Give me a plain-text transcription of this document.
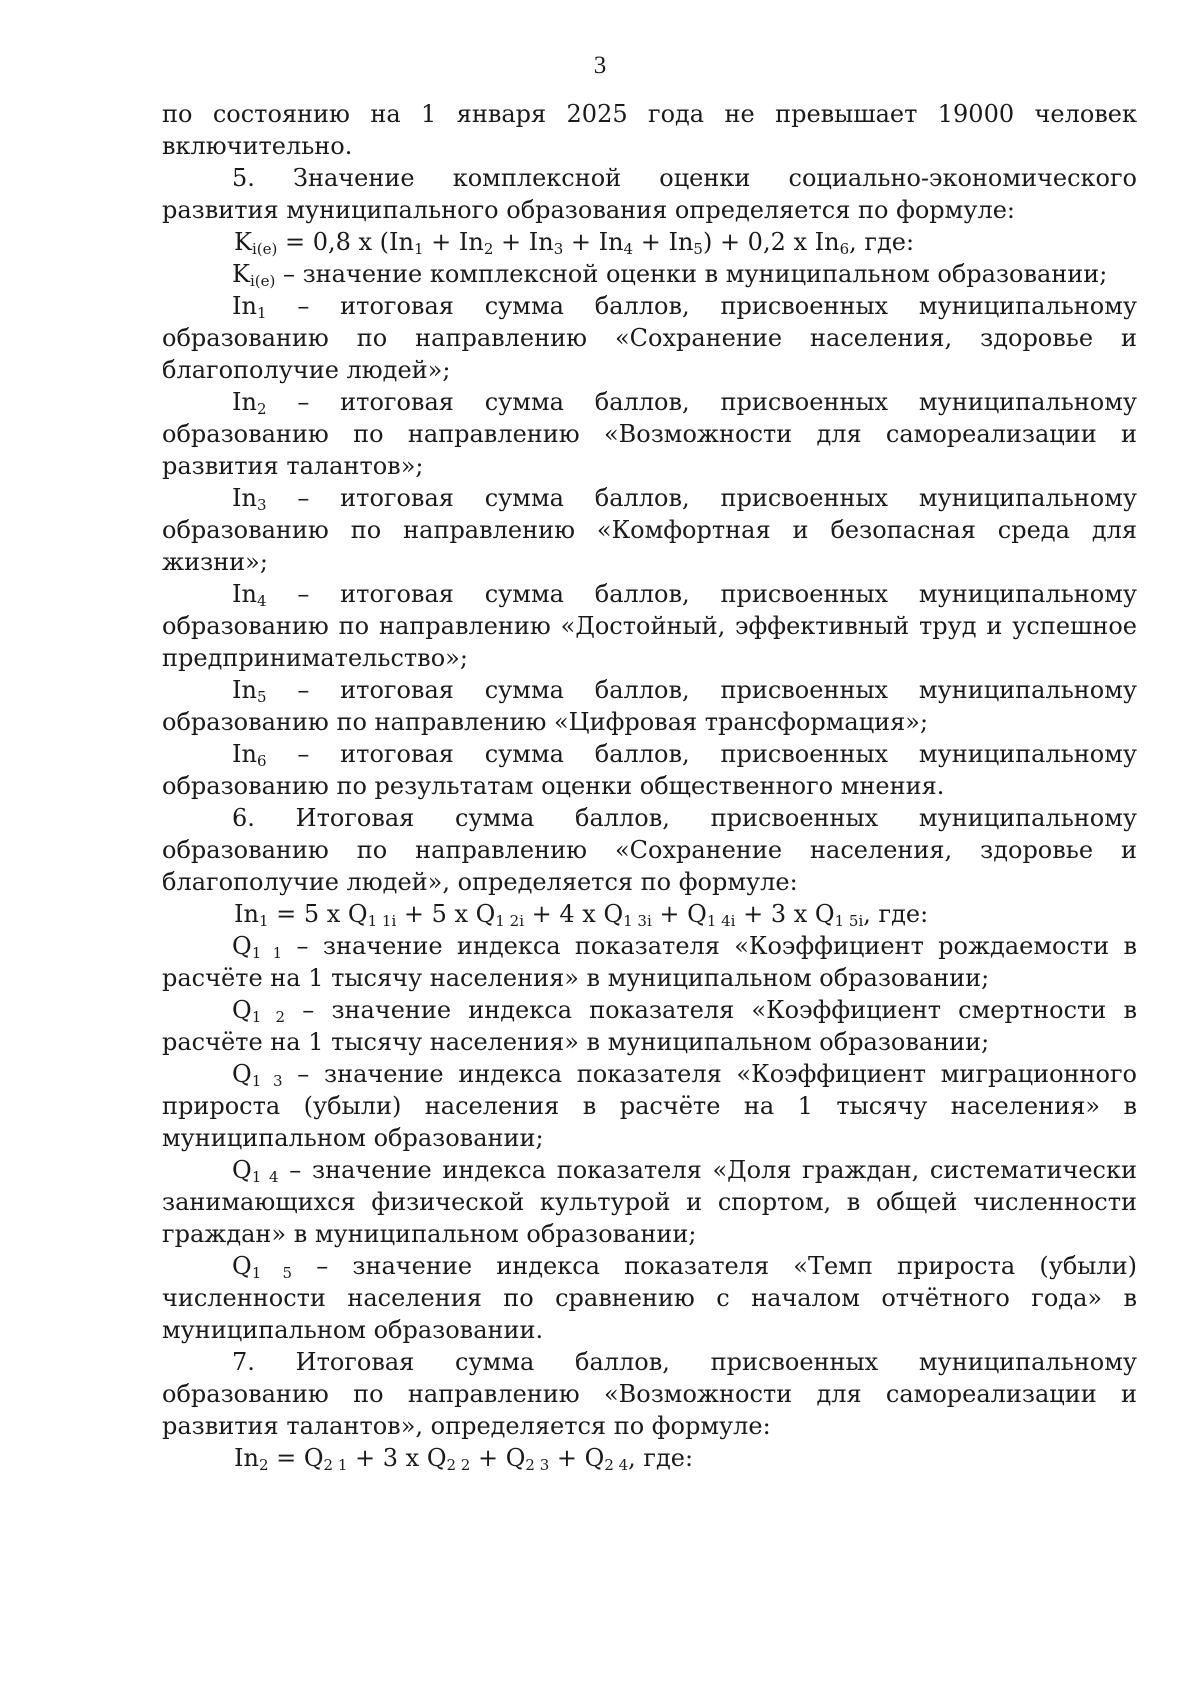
3

по состоянию на 1 января 2025 года не превышает 19000 человек

включительно.

5. Значение комплексной оценки социально-экономического развития муниципального образования определяется по формуле:

$K_{i(e)} = 0,8$ x $(In_1 + In_2 + In_3 + In_4 + In_5) + 0,2$ x $In_6$, где:

$K_{i(e)}$ – значение комплексной оценки в муниципальном образовании;

$In_1$ – итоговая сумма баллов, присвоенных муниципальному образованию по направлению «Сохранение населения, здоровье и благополучие людей»;

$In_2$ – итоговая сумма баллов, присвоенных муниципальному образованию по направлению «Возможности для самореализации и развития талантов»;

$In_3$ – итоговая сумма баллов, присвоенных муниципальному образованию по направлению «Комфортная и безопасная среда для жизни»;

$In_4$ – итоговая сумма баллов, присвоенных муниципальному образованию по направлению «Достойный, эффективный труд и успешное предпринимательство»;

$In_5$ – итоговая сумма баллов, присвоенных муниципальному образованию по направлению «Цифровая трансформация»;

$In_6$ – итоговая сумма баллов, присвоенных муниципальному образованию по результатам оценки общественного мнения.

6. Итоговая сумма баллов, присвоенных муниципальному образованию по направлению «Сохранение населения, здоровье и благополучие людей», определяется по формуле:

$In_1 = 5$ x $Q_{1 1i} + 5$ x $Q_{1 2i} + 4$ x $Q_{1 3i} + Q_{1 4i} + 3$ x $Q_{1 5i}$, где:

$Q_{1 1}$ – значение индекса показателя «Коэффициент рождаемости в расчёте на 1 тысячу населения» в муниципальном образовании;

$Q_{1 2}$ – значение индекса показателя «Коэффициент смертности в расчёте на 1 тысячу населения» в муниципальном образовании;

$Q_{1 3}$ – значение индекса показателя «Коэффициент миграционного прироста (убыли) населения в расчёте на 1 тысячу населения» в муниципальном образовании;

$Q_{1 4}$ – значение индекса показателя «Доля граждан, систематически занимающихся физической культурой и спортом, в общей численности граждан» в муниципальном образовании;

$Q_{1 5}$ – значение индекса показателя «Темп прироста (убыли) численности населения по сравнению с началом отчётного года» в муниципальном образовании.

7. Итоговая сумма баллов, присвоенных муниципальному образованию по направлению «Возможности для самореализации и развития талантов», определяется по формуле:

$In_2 = Q_{2 1} + 3$ x $Q_{2 2} + Q_{2 3} + Q_{2 4}$, где:
